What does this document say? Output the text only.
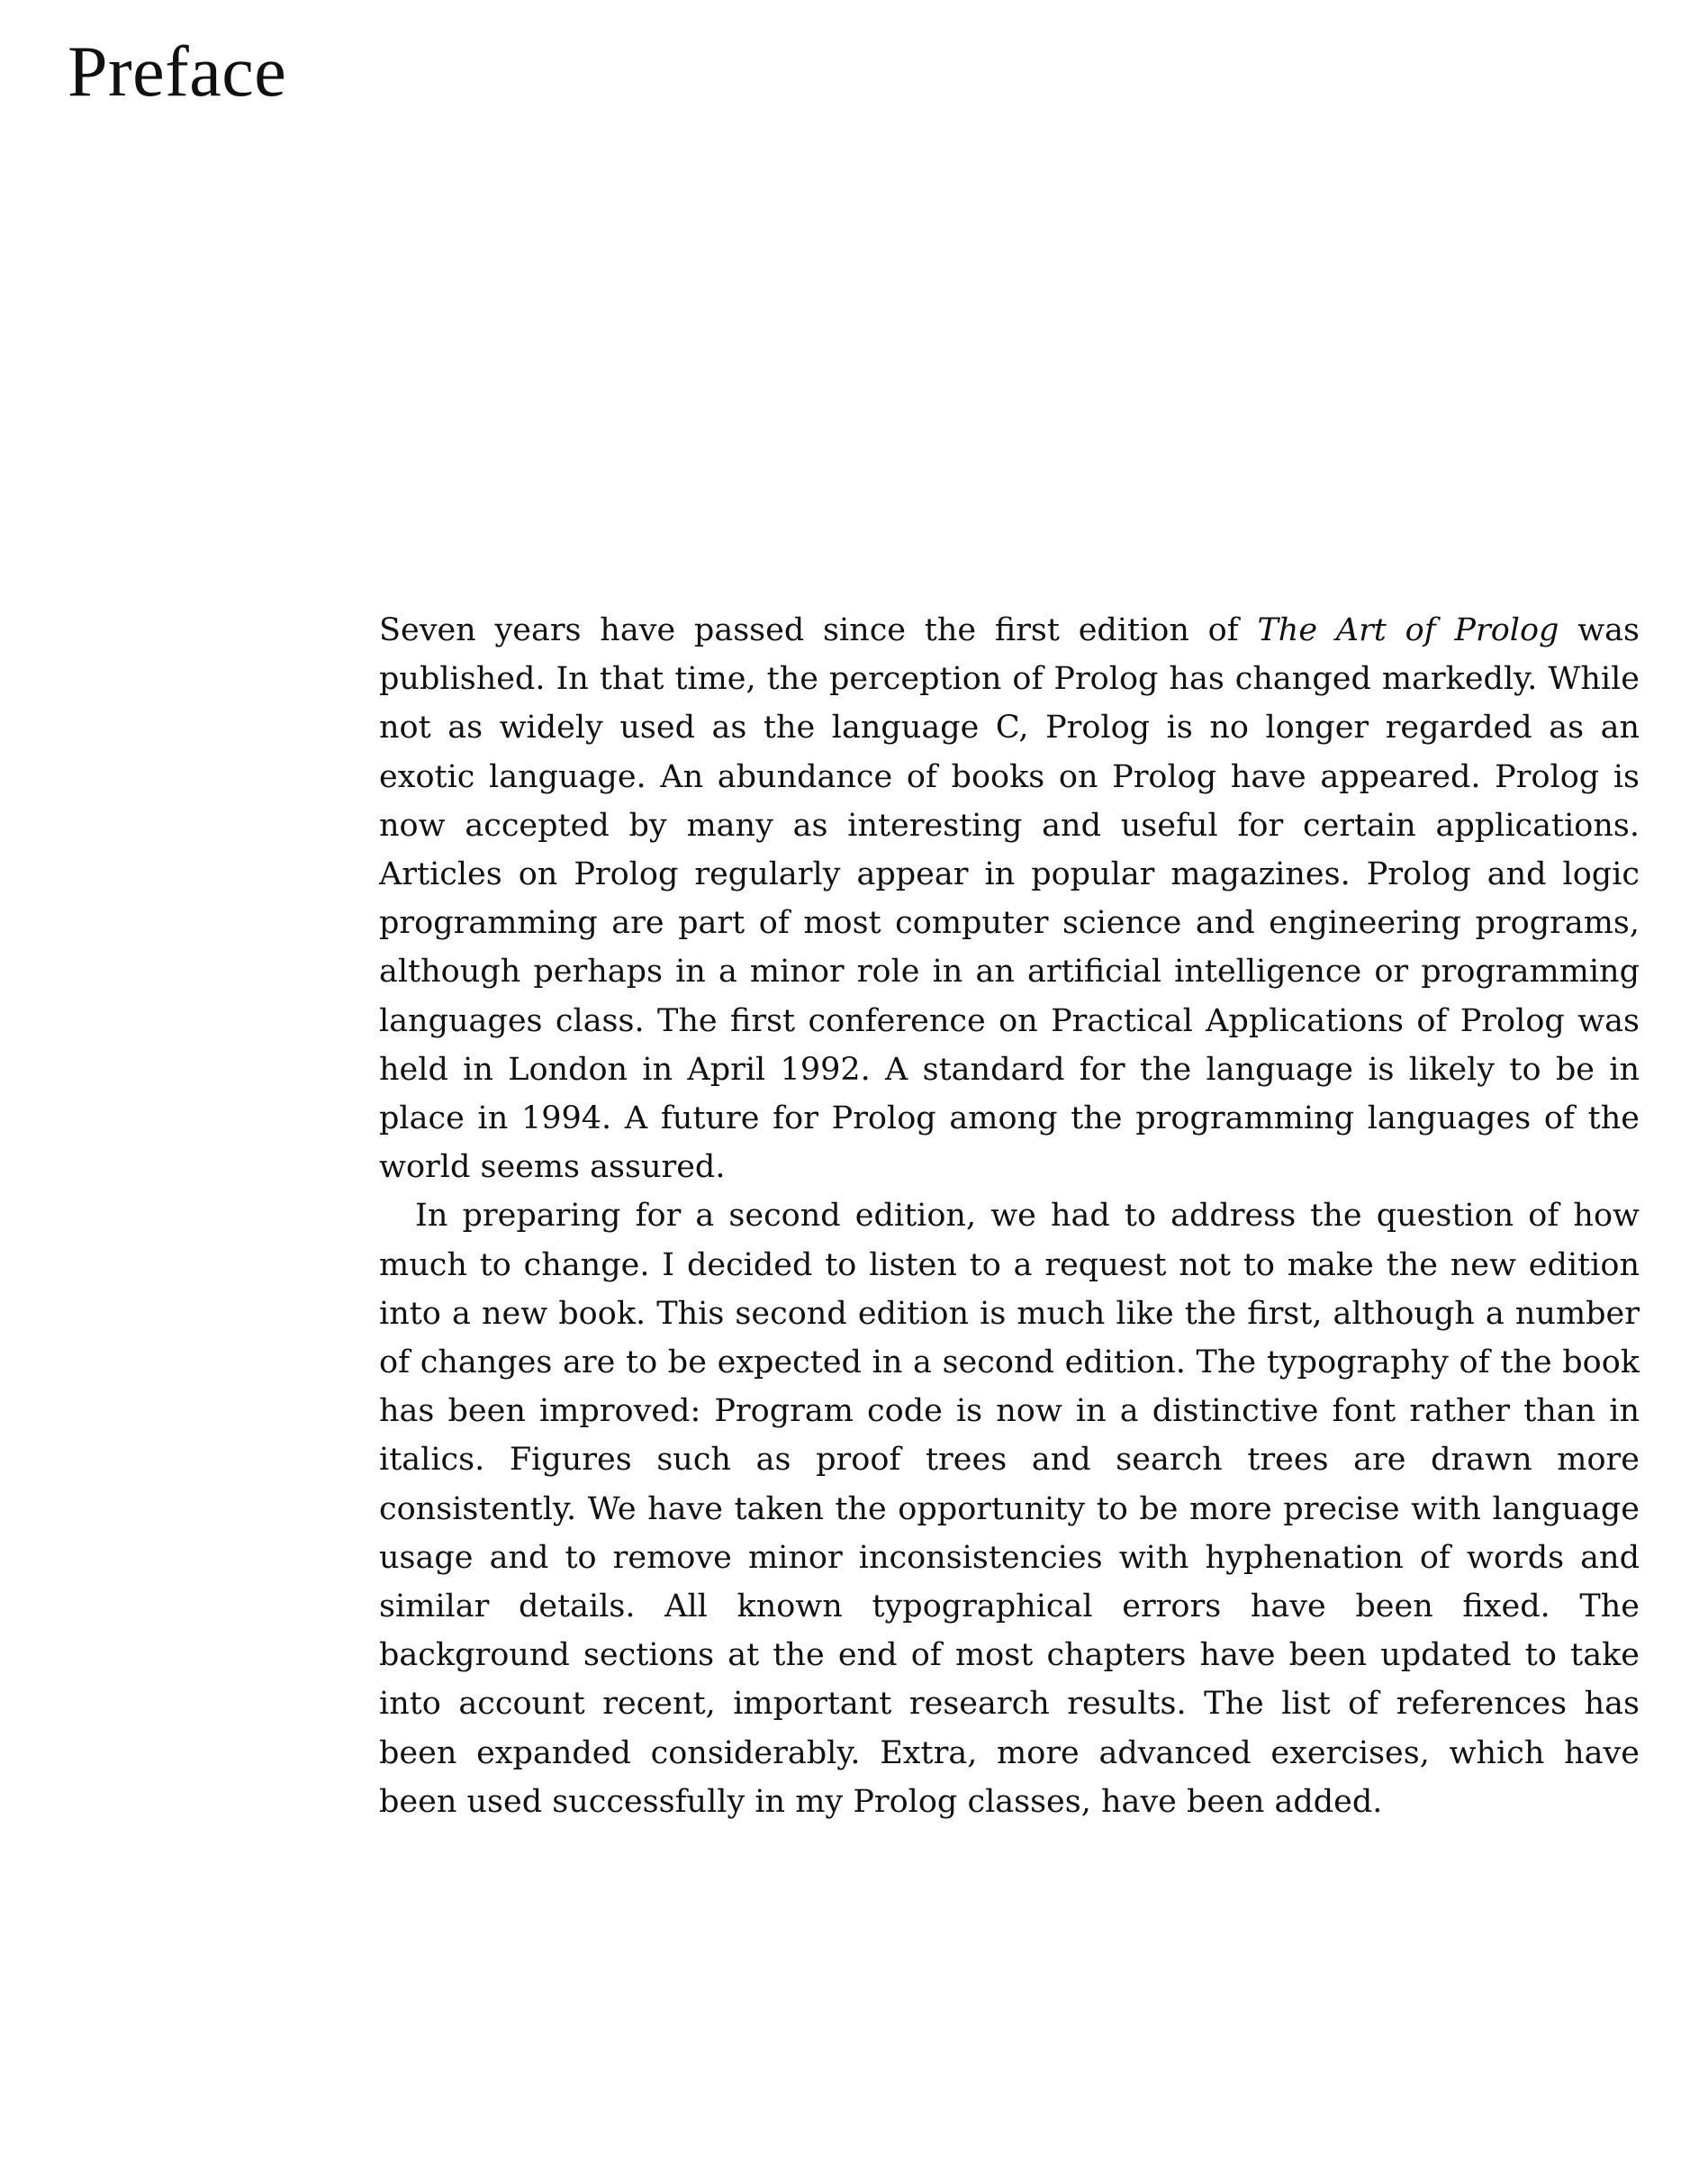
Preface

Seven years have passed since the first edition of The Art of Prolog was published. In that time, the perception of Prolog has changed markedly. While not as widely used as the language C, Prolog is no longer regarded as an exotic language. An abundance of books on Prolog have appeared. Prolog is now accepted by many as interesting and useful for certain applications. Articles on Prolog regularly appear in popular magazines. Prolog and logic programming are part of most computer science and engineering programs, although perhaps in a minor role in an artificial intelligence or programming languages class. The first conference on Practical Applications of Prolog was held in London in April 1992. A standard for the language is likely to be in place in 1994. A future for Prolog among the programming languages of the world seems assured.

In preparing for a second edition, we had to address the question of how much to change. I decided to listen to a request not to make the new edition into a new book. This second edition is much like the first, although a number of changes are to be expected in a second edition. The typography of the book has been improved: Program code is now in a distinctive font rather than in italics. Figures such as proof trees and search trees are drawn more consistently. We have taken the opportunity to be more precise with language usage and to remove minor inconsistencies with hyphenation of words and similar details. All known typographical errors have been fixed. The background sections at the end of most chapters have been updated to take into account recent, important research results. The list of references has been expanded considerably. Extra, more advanced exercises, which have been used successfully in my Prolog classes, have been added.
